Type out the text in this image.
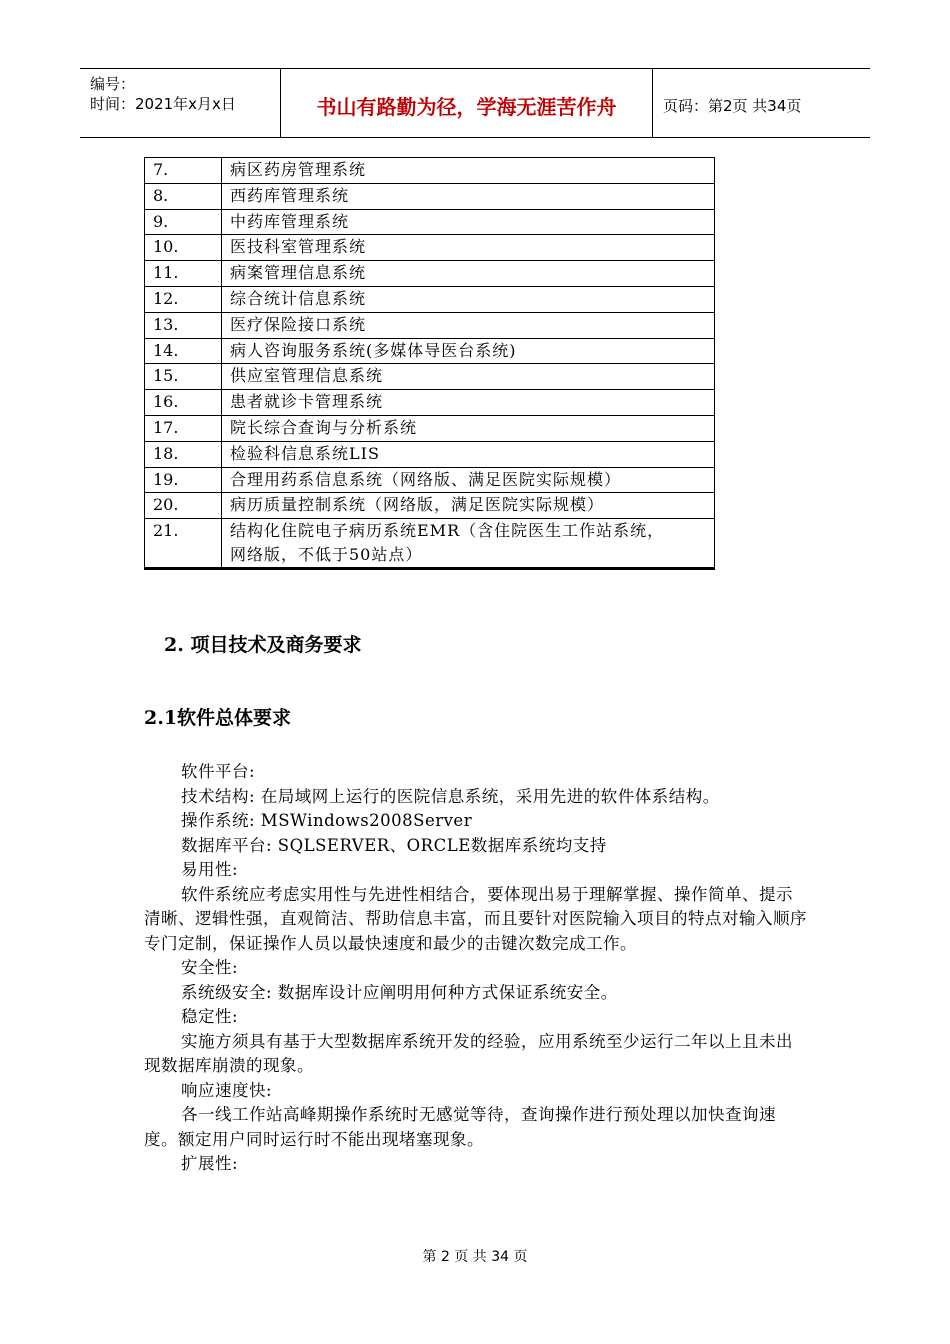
编号：
时间：2021年x月x日	书山有路勤为径，学海无涯苦作舟	页码：第2页 共34页
7.	病区药房管理系统
8.	西药库管理系统
9.	中药库管理系统
10.	医技科室管理系统
11.	病案管理信息系统
12.	综合统计信息系统
13.	医疗保险接口系统
14.	病人咨询服务系统(多媒体导医台系统)
15.	供应室管理信息系统
16.	患者就诊卡管理系统
17.	院长综合查询与分析系统
18.	检验科信息系统LIS
19.	合理用药系信息系统（网络版、满足医院实际规模）
20.	病历质量控制系统（网络版，满足医院实际规模）
21.	结构化住院电子病历系统EMR（含住院医生工作站系统，
网络版，不低于50站点）
2. 项目技术及商务要求
2.1软件总体要求

软件平台:

技术结构: 在局域网上运行的医院信息系统，采用先进的软件体系结构。

操作系统: MSWindows2008Server

数据库平台: SQLSERVER、ORCLE数据库系统均支持

易用性:

软件系统应考虑实用性与先进性相结合，要体现出易于理解掌握、操作简单、提示清晰、逻辑性强，直观简洁、帮助信息丰富，而且要针对医院输入项目的特点对输入顺序专门定制，保证操作人员以最快速度和最少的击键次数完成工作。

安全性:

系统级安全: 数据库设计应阐明用何种方式保证系统安全。

稳定性:

实施方须具有基于大型数据库系统开发的经验，应用系统至少运行二年以上且未出现数据库崩溃的现象。

响应速度快:

各一线工作站高峰期操作系统时无感觉等待，查询操作进行预处理以加快查询速度。额定用户同时运行时不能出现堵塞现象。

扩展性:

第 2 页 共 34 页
